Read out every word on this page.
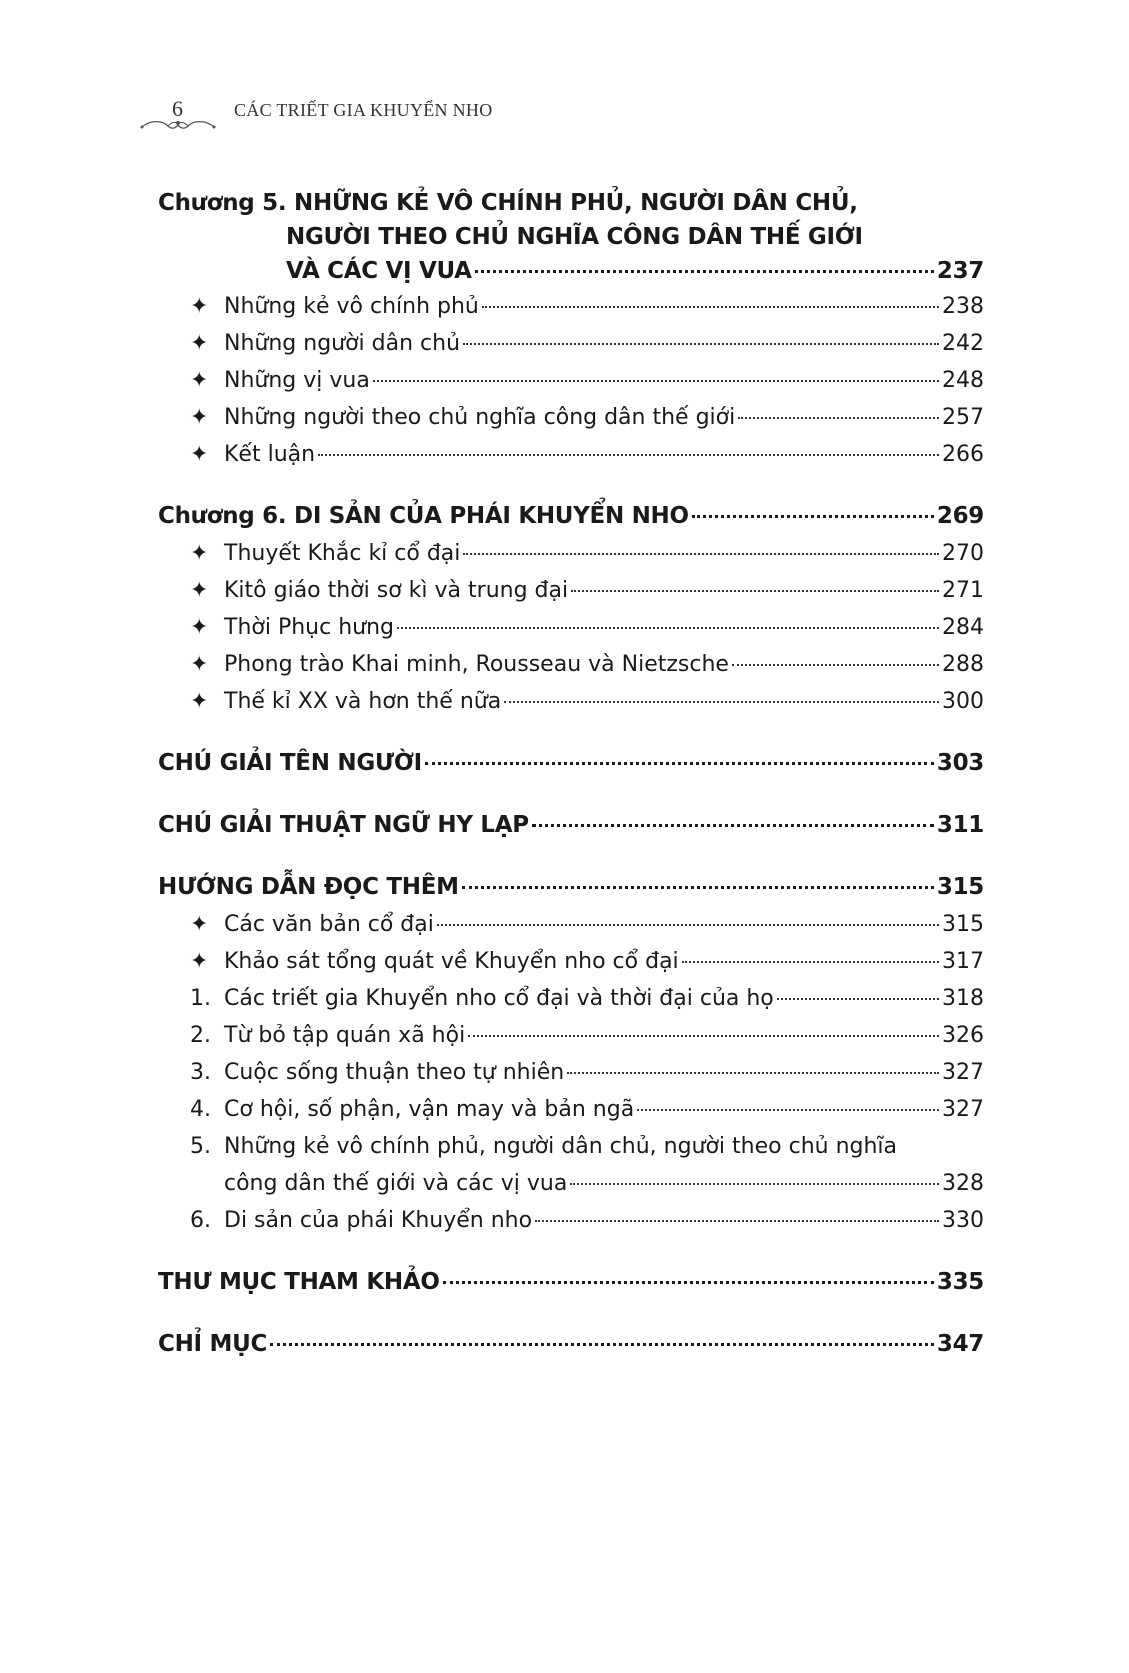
6	CÁC TRIẾT GIA KHUYỂN NHO
Chương 5. NHỮNG KẺ VÔ CHÍNH PHỦ, NGƯỜI DÂN CHỦ,
NGƯỜI THEO CHỦ NGHĨA CÔNG DÂN THẾ GIỚI
VÀ CÁC VỊ VUA	237
✦ Những kẻ vô chính phủ	238
✦ Những người dân chủ	242
✦ Những vị vua	248
✦ Những người theo chủ nghĩa công dân thế giới	257
✦ Kết luận	266
Chương 6. DI SẢN CỦA PHÁI KHUYỂN NHO	269
✦ Thuyết Khắc kỉ cổ đại	270
✦ Kitô giáo thời sơ kì và trung đại	271
✦ Thời Phục hưng	284
✦ Phong trào Khai minh, Rousseau và Nietzsche	288
✦ Thế kỉ XX và hơn thế nữa	300
CHÚ GIẢI TÊN NGƯỜI	303
CHÚ GIẢI THUẬT NGỮ HY LẠP	311
HƯỚNG DẪN ĐỌC THÊM	315
✦ Các văn bản cổ đại	315
✦ Khảo sát tổng quát về Khuyển nho cổ đại	317
1. Các triết gia Khuyển nho cổ đại và thời đại của họ	318
2. Từ bỏ tập quán xã hội	326
3. Cuộc sống thuận theo tự nhiên	327
4. Cơ hội, số phận, vận may và bản ngã	327
5. Những kẻ vô chính phủ, người dân chủ, người theo chủ nghĩa
công dân thế giới và các vị vua	328
6. Di sản của phái Khuyển nho	330
THƯ MỤC THAM KHẢO	335
CHỈ MỤC	347
